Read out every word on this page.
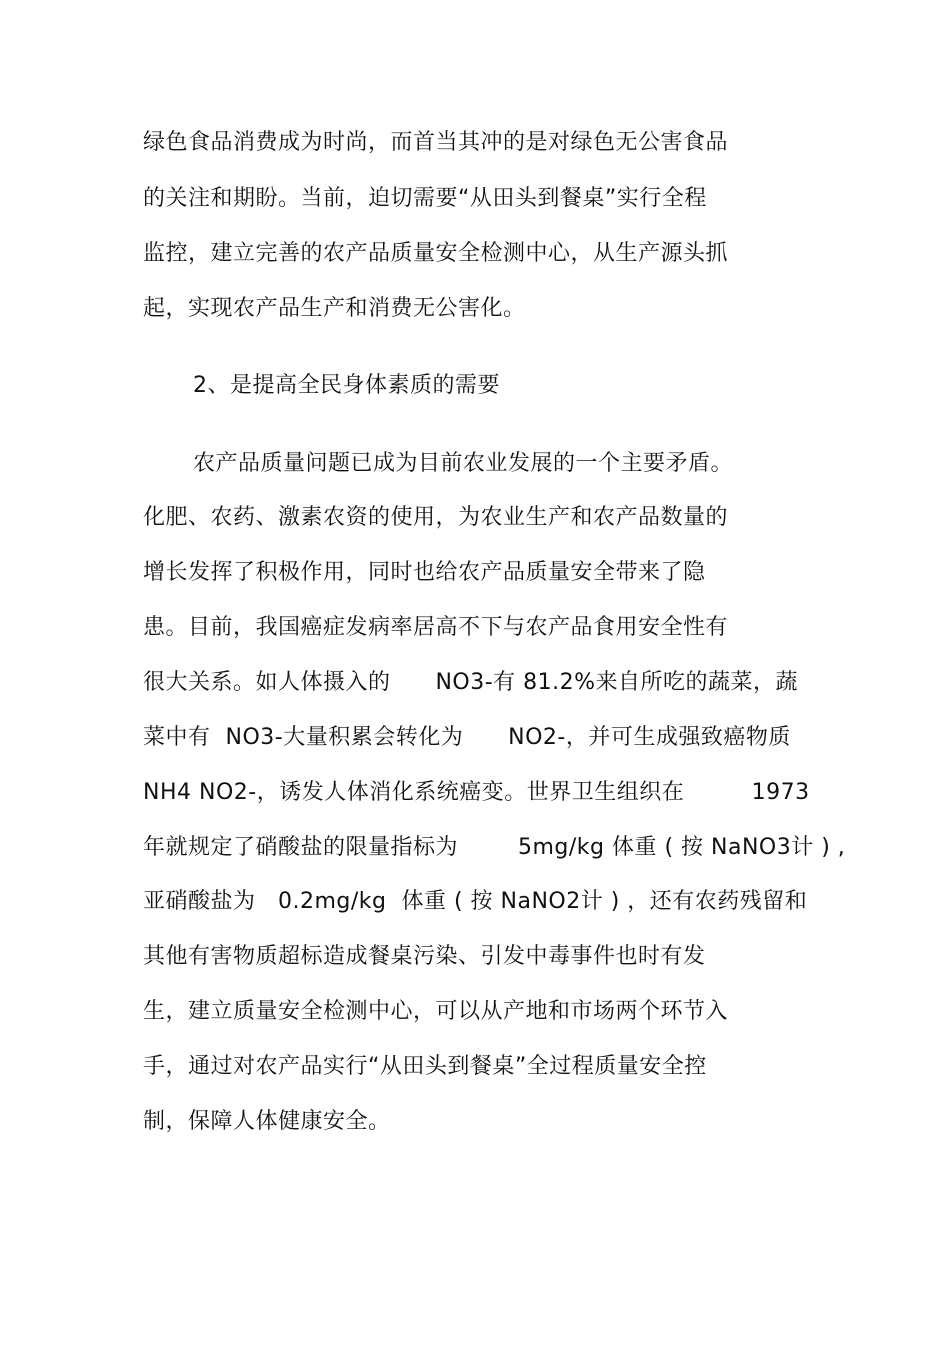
绿色食品消费成为时尚，而首当其冲的是对绿色无公害食品
的关注和期盼。当前，迫切需要“从田头到餐桌”实行全程
监控，建立完善的农产品质量安全检测中心，从生产源头抓
起，实现农产品生产和消费无公害化。
2、是提高全民身体素质的需要
农产品质量问题已成为目前农业发展的一个主要矛盾。
化肥、农药、激素农资的使用，为农业生产和农产品数量的
增长发挥了积极作用，同时也给农产品质量安全带来了隐
患。目前，我国癌症发病率居高不下与农产品食用安全性有
很大关系。如人体摄入的      NO3-有 81.2%来自所吃的蔬菜，蔬
菜中有  NO3-大量积累会转化为      NO2-，并可生成强致癌物质
NH4 NO2-，诱发人体消化系统癌变。世界卫生组织在         1973
年就规定了硝酸盐的限量指标为        5mg/kg 体重 ( 按 NaNO3计 ) ,
亚硝酸盐为   0.2mg/kg  体重 ( 按 NaNO2计 ) ，还有农药残留和
其他有害物质超标造成餐桌污染、引发中毒事件也时有发
生，建立质量安全检测中心，可以从产地和市场两个环节入
手，通过对农产品实行“从田头到餐桌”全过程质量安全控
制，保障人体健康安全。
